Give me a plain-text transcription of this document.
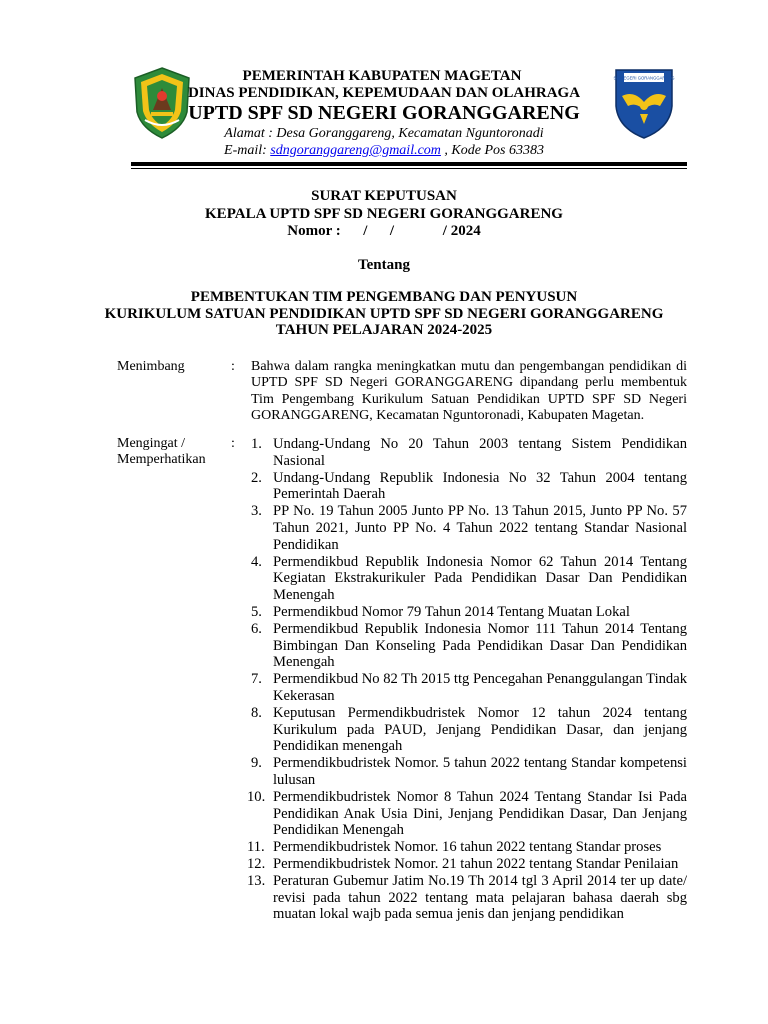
SD NEGERI GORANGGARENG
PEMERINTAH KABUPATEN MAGETAN
DINAS PENDIDIKAN, KEPEMUDAAN DAN OLAHRAGA
UPTD SPF SD NEGERI GORANGGARENG
Alamat : Desa Goranggareng, Kecamatan Nguntoronadi
E-mail: sdngoranggareng@gmail.com , Kode Pos 63383
SURAT KEPUTUSAN
KEPALA UPTD SPF SD NEGERI GORANGGARENG
Nomor :      /      /             / 2024
Tentang
PEMBENTUKAN TIM PENGEMBANG DAN PENYUSUN
KURIKULUM SATUAN PENDIDIKAN UPTD SPF SD NEGERI GORANGGARENG
TAHUN PELAJARAN 2024-2025
Menimbang	: Bahwa dalam rangka meningkatkan mutu dan pengembangan pendidikan di
UPTD SPF SD Negeri GORANGGARENG dipandang perlu membentuk
Tim Pengembang Kurikulum Satuan Pendidikan UPTD SPF SD Negeri
GORANGGARENG, Kecamatan Nguntoronadi, Kabupaten Magetan.
Mengingat /
Memperhatikan
: 1. Undang-Undang No 20 Tahun 2003 tentang Sistem Pendidikan Nasional
2. Undang-Undang Republik Indonesia No 32 Tahun 2004 tentang Pemerintah Daerah
3. PP No. 19 Tahun 2005 Junto PP No. 13 Tahun 2015, Junto PP No. 57 Tahun 2021, Junto PP No. 4 Tahun 2022 tentang Standar Nasional Pendidikan
4. Permendikbud Republik Indonesia Nomor 62 Tahun 2014 Tentang Kegiatan Ekstrakurikuler Pada Pendidikan Dasar Dan Pendidikan Menengah
5. Permendikbud Nomor 79 Tahun 2014 Tentang Muatan Lokal
6. Permendikbud Republik Indonesia Nomor 111 Tahun 2014 Tentang Bimbingan Dan Konseling Pada Pendidikan Dasar Dan Pendidikan Menengah
7. Permendikbud No 82 Th 2015 ttg Pencegahan Penanggulangan Tindak Kekerasan
8. Keputusan Permendikbudristek Nomor 12 tahun 2024 tentang Kurikulum pada PAUD, Jenjang Pendidikan Dasar, dan jenjang Pendidikan menengah
9. Permendikbudristek Nomor. 5 tahun 2022 tentang Standar kompetensi lulusan
10. Permendikbudristek Nomor 8 Tahun 2024 Tentang Standar Isi Pada Pendidikan Anak Usia Dini, Jenjang Pendidikan Dasar, Dan Jenjang Pendidikan Menengah
11. Permendikbudristek Nomor. 16 tahun 2022 tentang Standar proses
12. Permendikbudristek Nomor. 21 tahun 2022 tentang Standar Penilaian
13. Peraturan Gubemur Jatim No.19 Th 2014 tgl 3 April 2014 ter up date/ revisi pada tahun 2022 tentang mata pelajaran bahasa daerah sbg muatan lokal wajb pada semua jenis dan jenjang pendidikan
